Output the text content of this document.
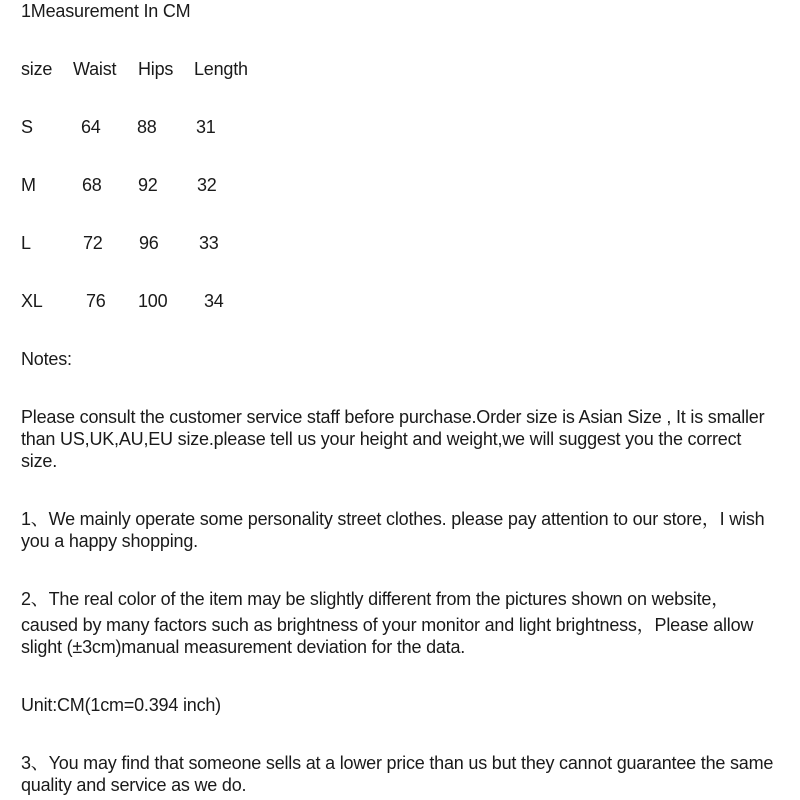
1Measurement In CM
size Waist Hips Length
S	64 88 31
M	68 92 32
L	72 96 33
XL 76 100 34
Notes:
Please consult the customer service staff before purchase.Order size is Asian Size , It is smaller than US,UK,AU,EU size.please tell us your height and weight,we will suggest you the correct size.
1、We mainly operate some personality street clothes. please pay attention to our store，I wish you a happy shopping.
2、The real color of the item may be slightly different from the pictures shown on website，
caused by many factors such as brightness of your monitor and light brightness，Please allow slight (±3cm)manual measurement deviation for the data.
Unit:CM(1cm=0.394 inch)
3、You may find that someone sells at a lower price than us but they cannot guarantee the same quality and service as we do.
